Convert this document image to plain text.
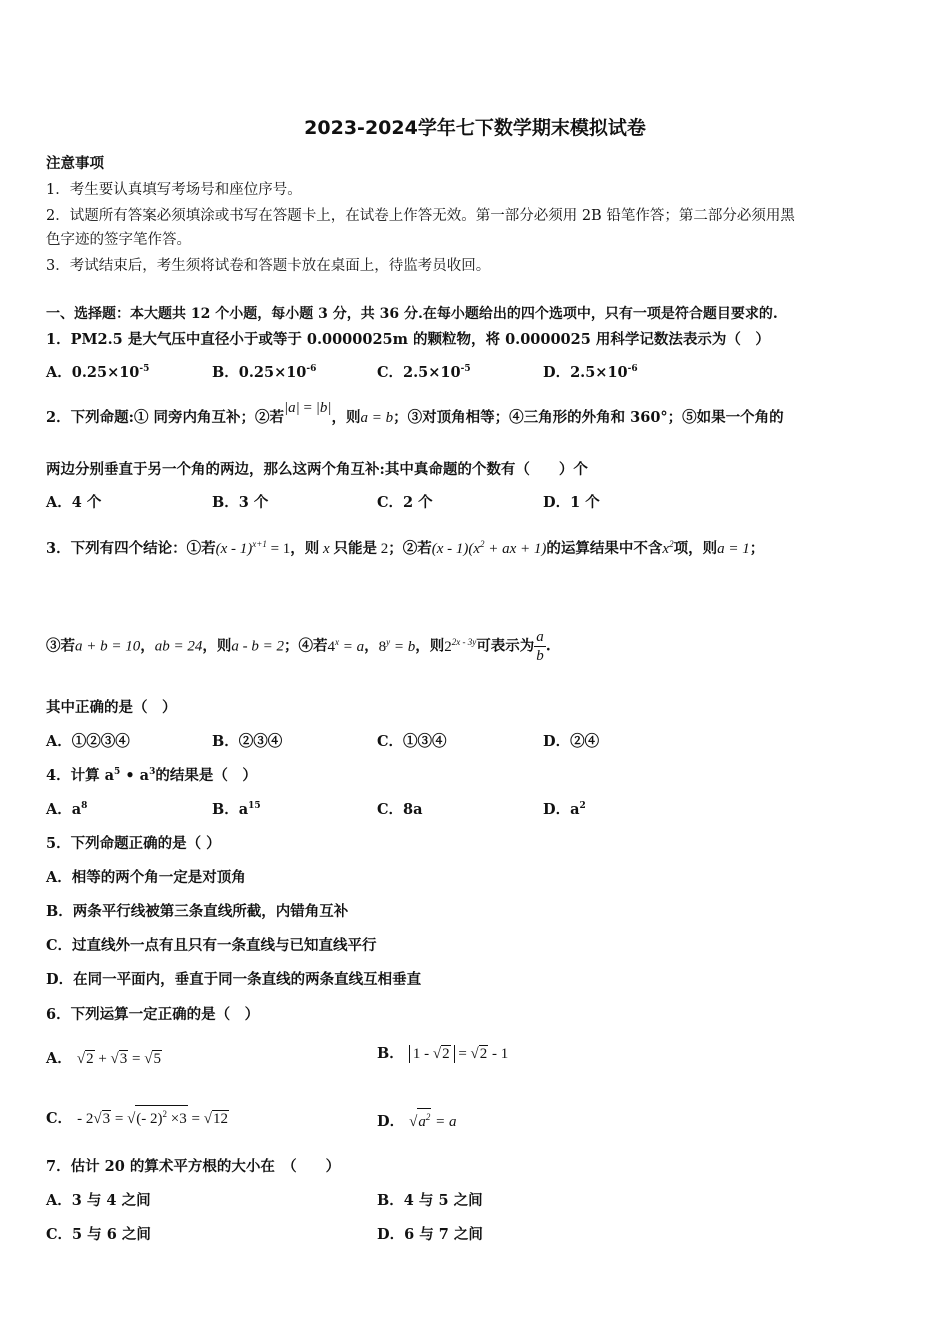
2023-2024学年七下数学期末模拟试卷
注意事项
1．考生要认真填写考场号和座位序号。
2．试题所有答案必须填涂或书写在答题卡上，在试卷上作答无效。第一部分必须用 2B 铅笔作答；第二部分必须用黑
色字迹的签字笔作答。
3．考试结束后，考生须将试卷和答题卡放在桌面上，待监考员收回。
一、选择题：本大题共 12 个小题，每小题 3 分，共 36 分.在每小题给出的四个选项中，只有一项是符合题目要求的.
1．PM2.5 是大气压中直径小于或等于 0.0000025m 的颗粒物，将 0.0000025 用科学记数法表示为（　）
A．$0.25\times 10^{-5}$	B．$0.25\times 10^{-6}$	C．$2.5\times 10^{-5}$	D．$2.5\times 10^{-6}$
2．下列命题:① 同旁内角互补；②若|a| = |b|，则a = b；③对顶角相等；④三角形的外角和 360°；⑤如果一个角的
两边分别垂直于另一个角的两边，那么这两个角互补:其中真命题的个数有（　　）个
A．4 个	B．3 个	C．2 个	D．1 个
3．下列有四个结论：①若(x - 1)$^{x+1}$ = 1，则 x 只能是 2；②若$(x - 1)(x^2$ + ax + 1)的运算结果中不含$x^2$项，则a = 1；
③若a + b = 10，ab = 24，则a - b = 2；④若$4^x = a$，$8^y = b$，则$2^{2x - 3y}$可表示为 $\frac{a}{b}$ .
其中正确的是（　）
A．①②③④	B．②③④	C．①③④	D．②④
4．计算 $a^5$ • $a^3$的结果是（　）
A．$a^8$	B．$a^{15}$	C．8a	D．$a^2$
5．下列命题正确的是（ ）
A．相等的两个角一定是对顶角
B．两条平行线被第三条直线所截，内错角互补
C．过直线外一点有且只有一条直线与已知直线平行
D．在同一平面内，垂直于同一条直线的两条直线互相垂直
6．下列运算一定正确的是（　）
A． √2 + √3 = √5	B． 1 - √2 = √2 - 1
C． - 2√3 = √(- 2)$^2$ ×3 = √12	D． $√a^2 = a$
7．估计 20 的算术平方根的大小在　（　　）
A．3 与 4 之间	B．4 与 5 之间
C．5 与 6 之间	D．6 与 7 之间
